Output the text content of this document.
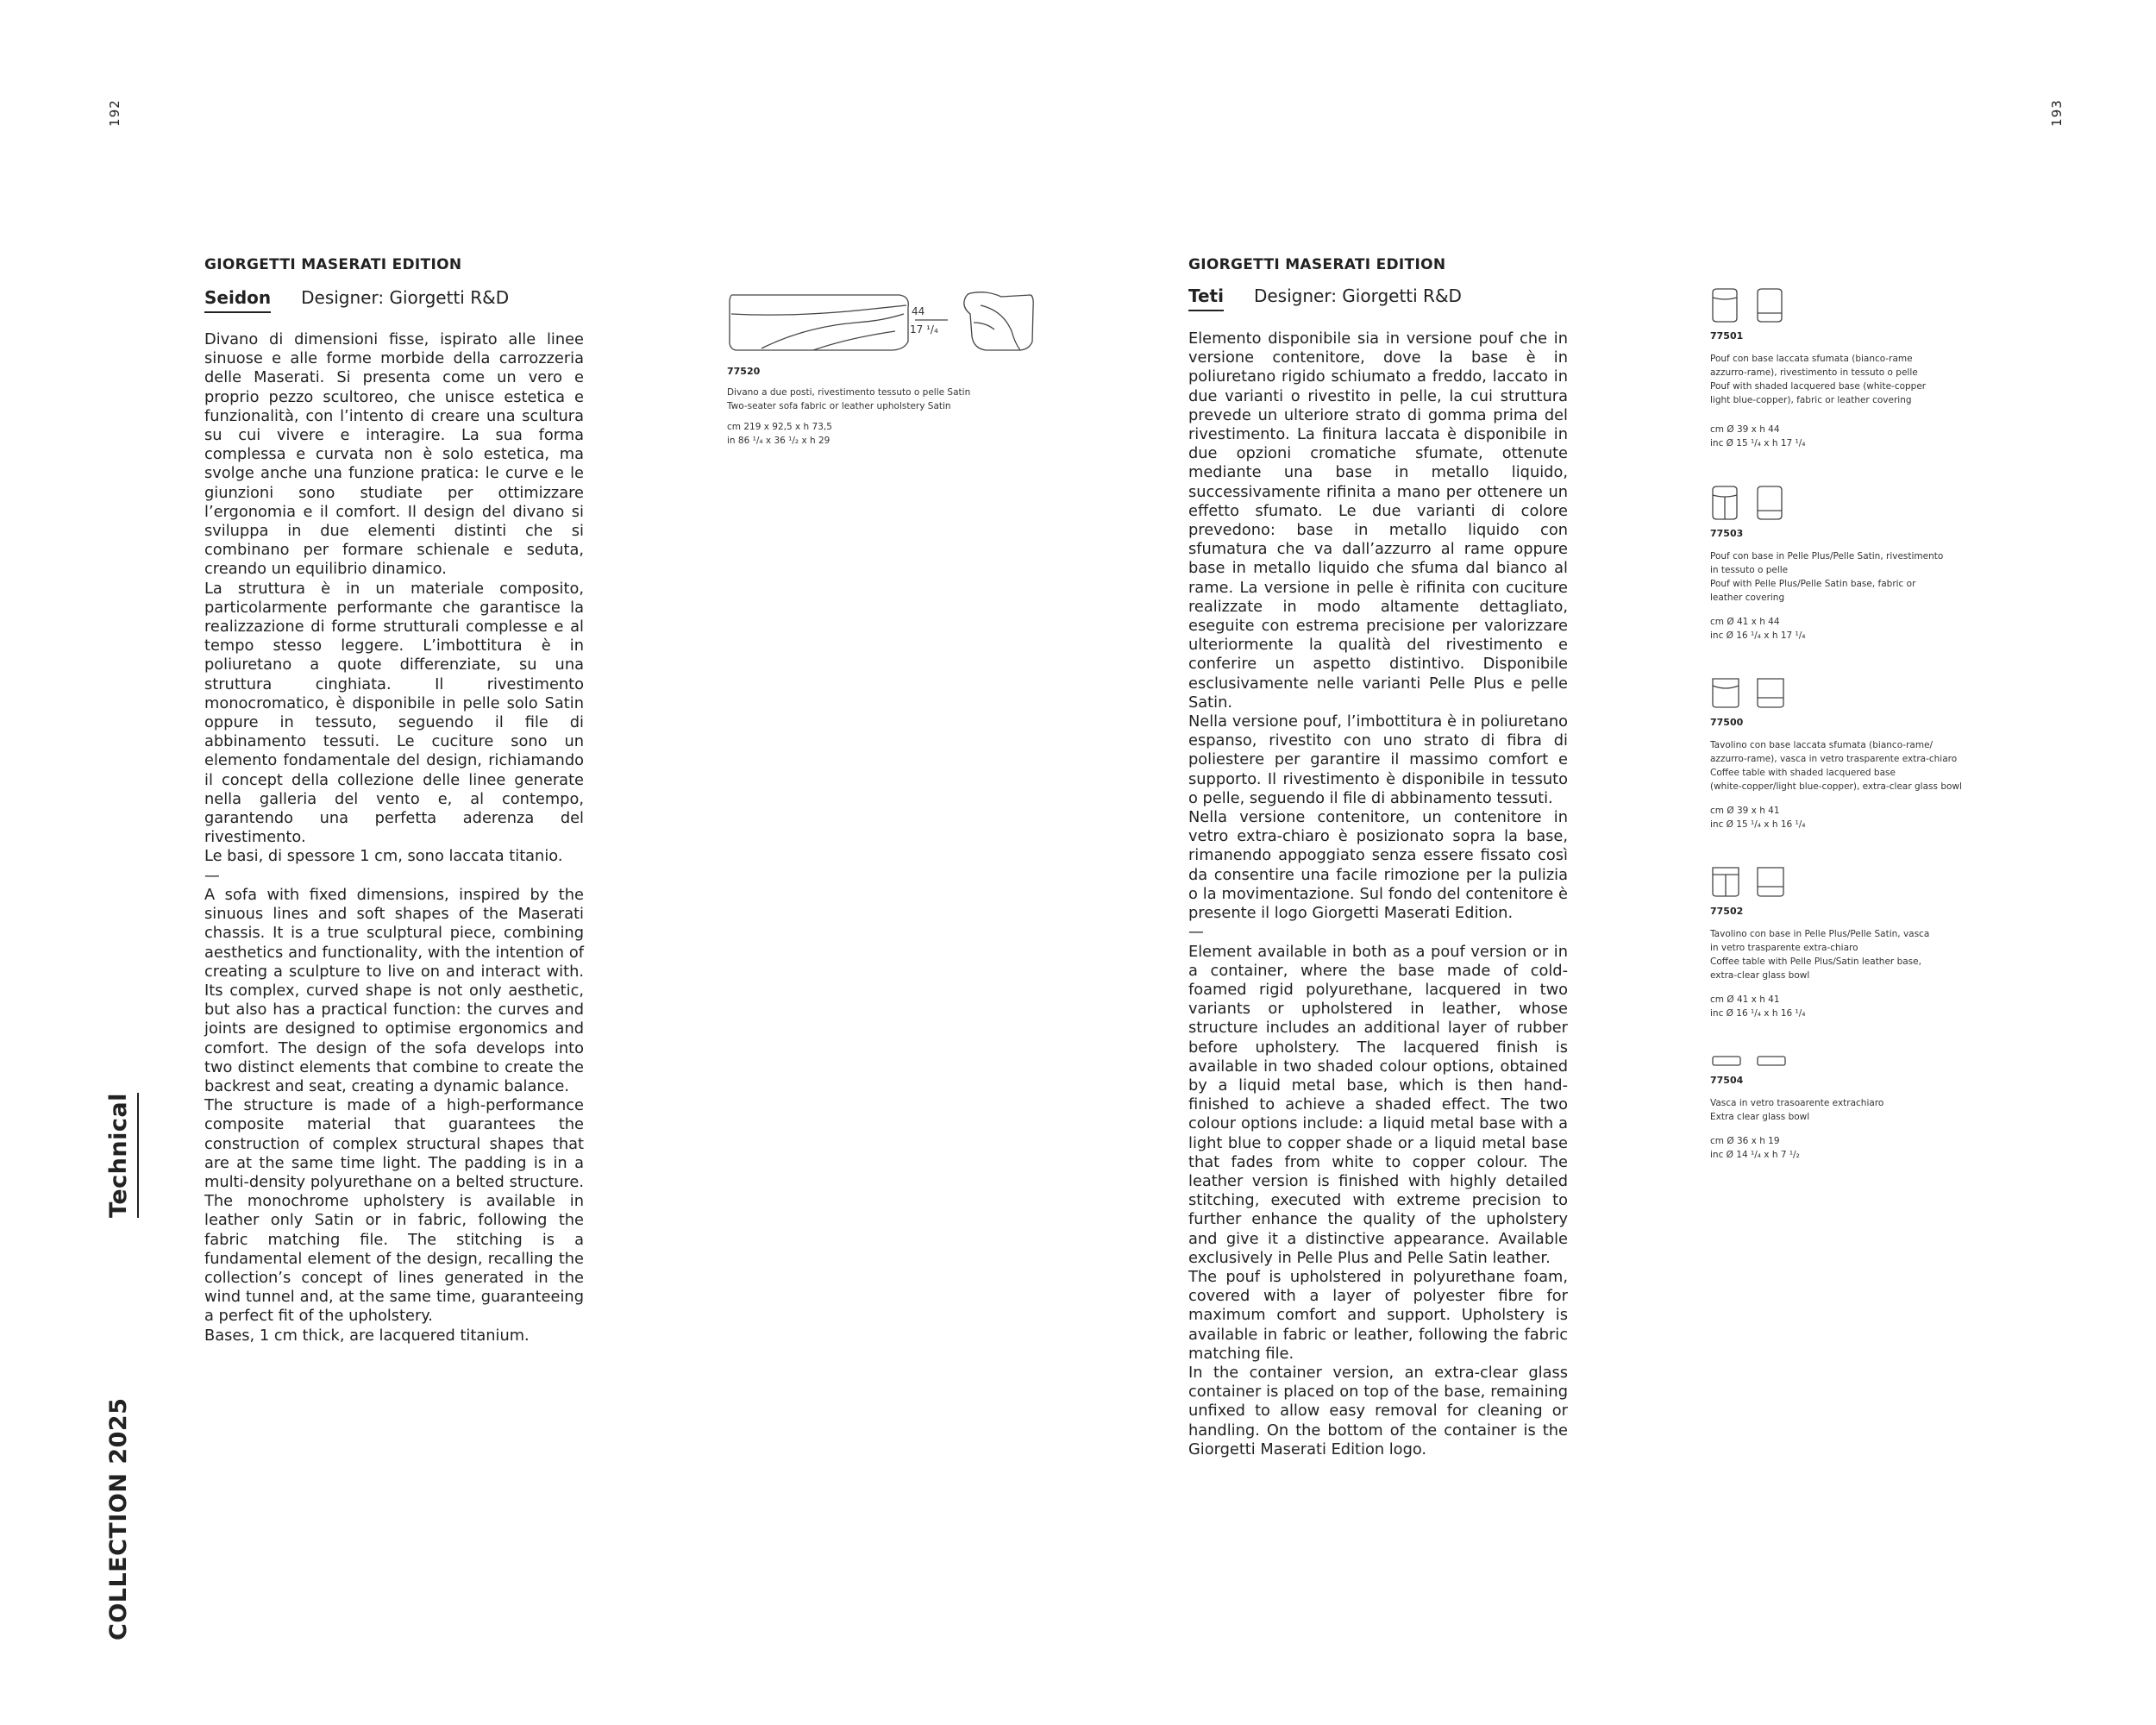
192	193
Technical
COLLECTION 2025
GIORGETTI MASERATI EDITION
Seidon Designer: Giorgetti R&D

Divano di dimensioni fisse, ispirato alle linee sinuose e alle forme morbide della carrozzeria delle Maserati. Si presenta come un vero e proprio pezzo scultoreo, che unisce estetica e funzionalità, con l’intento di creare una scultura su cui vivere e interagire. La sua forma complessa e curvata non è solo estetica, ma svolge anche una funzione pratica: le curve e le giunzioni sono studiate per ottimizzare l’ergonomia e il comfort. Il design del divano si sviluppa in due elementi distinti che si combinano per formare schienale e seduta, creando un equilibrio dinamico.

La struttura è in un materiale composito, particolarmente performante che garantisce la realizzazione di forme strutturali complesse e al tempo stesso leggere. L’imbottitura è in poliuretano a quote differenziate, su una struttura cinghiata. Il rivestimento monocromatico, è disponibile in pelle solo Satin oppure in tessuto, seguendo il file di abbinamento tessuti. Le cuciture sono un elemento fondamentale del design, richiamando il concept della collezione delle linee generate nella galleria del vento e, al contempo, garantendo una perfetta aderenza del rivestimento.

Le basi, di spessore 1 cm, sono laccata titanio.

—

A sofa with fixed dimensions, inspired by the sinuous lines and soft shapes of the Maserati chassis. It is a true sculptural piece, combining aesthetics and functionality, with the intention of creating a sculpture to live on and interact with. Its complex, curved shape is not only aesthetic, but also has a practical function: the curves and joints are designed to optimise ergonomics and comfort. The design of the sofa develops into two distinct elements that combine to create the backrest and seat, creating a dynamic balance.

The structure is made of a high-performance composite material that guarantees the construction of complex structural shapes that are at the same time light. The padding is in a multi-density polyurethane on a belted structure. The monochrome upholstery is available in leather only Satin or in fabric, following the fabric matching file. The stitching is a fundamental element of the design, recalling the collection’s concept of lines generated in the wind tunnel and, at the same time, guaranteeing a perfect fit of the upholstery.

Bases, 1 cm thick, are lacquered titanium.

44
17 ¹/₄
77520
Divano a due posti, rivestimento tessuto o pelle Satin
Two-seater sofa fabric or leather upholstery Satin
cm 219 x 92,5 x h 73,5
in 86 ¹/₄ x 36 ¹/₂ x h 29
GIORGETTI MASERATI EDITION
Teti Designer: Giorgetti R&D

Elemento disponibile sia in versione pouf che in versione contenitore, dove la base è in poliuretano rigido schiumato a freddo, laccato in due varianti o rivestito in pelle, la cui struttura prevede un ulteriore strato di gomma prima del rivestimento. La finitura laccata è disponibile in due opzioni cromatiche sfumate, ottenute mediante una base in metallo liquido, successivamente rifinita a mano per ottenere un effetto sfumato. Le due varianti di colore prevedono: base in metallo liquido con sfumatura che va dall’azzurro al rame oppure base in metallo liquido che sfuma dal bianco al rame. La versione in pelle è rifinita con cuciture realizzate in modo altamente dettagliato, eseguite con estrema precisione per valorizzare ulteriormente la qualità del rivestimento e conferire un aspetto distintivo. Disponibile esclusivamente nelle varianti Pelle Plus e pelle Satin.

Nella versione pouf, l’imbottitura è in poliuretano espanso, rivestito con uno strato di fibra di poliestere per garantire il massimo comfort e supporto. Il rivestimento è disponibile in tessuto o pelle, seguendo il file di abbinamento tessuti.

Nella versione contenitore, un contenitore in vetro extra-chiaro è posizionato sopra la base, rimanendo appoggiato senza essere fissato così da consentire una facile rimozione per la pulizia o la movimentazione. Sul fondo del contenitore è presente il logo Giorgetti Maserati Edition.

—

Element available in both as a pouf version or in a container, where the base made of cold-foamed rigid polyurethane, lacquered in two variants or upholstered in leather, whose structure includes an additional layer of rubber before upholstery. The lacquered finish is available in two shaded colour options, obtained by a liquid metal base, which is then hand-finished to achieve a shaded effect. The two colour options include: a liquid metal base with a light blue to copper shade or a liquid metal base that fades from white to copper colour. The leather version is finished with highly detailed stitching, executed with extreme precision to further enhance the quality of the upholstery and give it a distinctive appearance. Available exclusively in Pelle Plus and Pelle Satin leather.

The pouf is upholstered in polyurethane foam, covered with a layer of polyester fibre for maximum comfort and support. Upholstery is available in fabric or leather, following the fabric matching file.

In the container version, an extra-clear glass container is placed on top of the base, remaining unfixed to allow easy removal for cleaning or handling. On the bottom of the container is the Giorgetti Maserati Edition logo.

77501
Pouf con base laccata sfumata (bianco-rame
azzurro-rame), rivestimento in tessuto o pelle
Pouf with shaded lacquered base (white-copper
light blue-copper), fabric or leather covering
cm Ø 39 x h 44
inc Ø 15 ¹/₄ x h 17 ¹/₄
77503
Pouf con base in Pelle Plus/Pelle Satin, rivestimento
in tessuto o pelle
Pouf with Pelle Plus/Pelle Satin base, fabric or
leather covering
cm Ø 41 x h 44
inc Ø 16 ¹/₄ x h 17 ¹/₄
77500
Tavolino con base laccata sfumata (bianco-rame/
azzurro-rame), vasca in vetro trasparente extra-chiaro
Coffee table with shaded lacquered base
(white-copper/light blue-copper), extra-clear glass bowl
cm Ø 39 x h 41
inc Ø 15 ¹/₄ x h 16 ¹/₄
77502
Tavolino con base in Pelle Plus/Pelle Satin, vasca
in vetro trasparente extra-chiaro
Coffee table with Pelle Plus/Satin leather base,
extra-clear glass bowl
cm Ø 41 x h 41
inc Ø 16 ¹/₄ x h 16 ¹/₄
77504
Vasca in vetro trasoarente extrachiaro
Extra clear glass bowl
cm Ø 36 x h 19
inc Ø 14 ¹/₄ x h 7 ¹/₂
